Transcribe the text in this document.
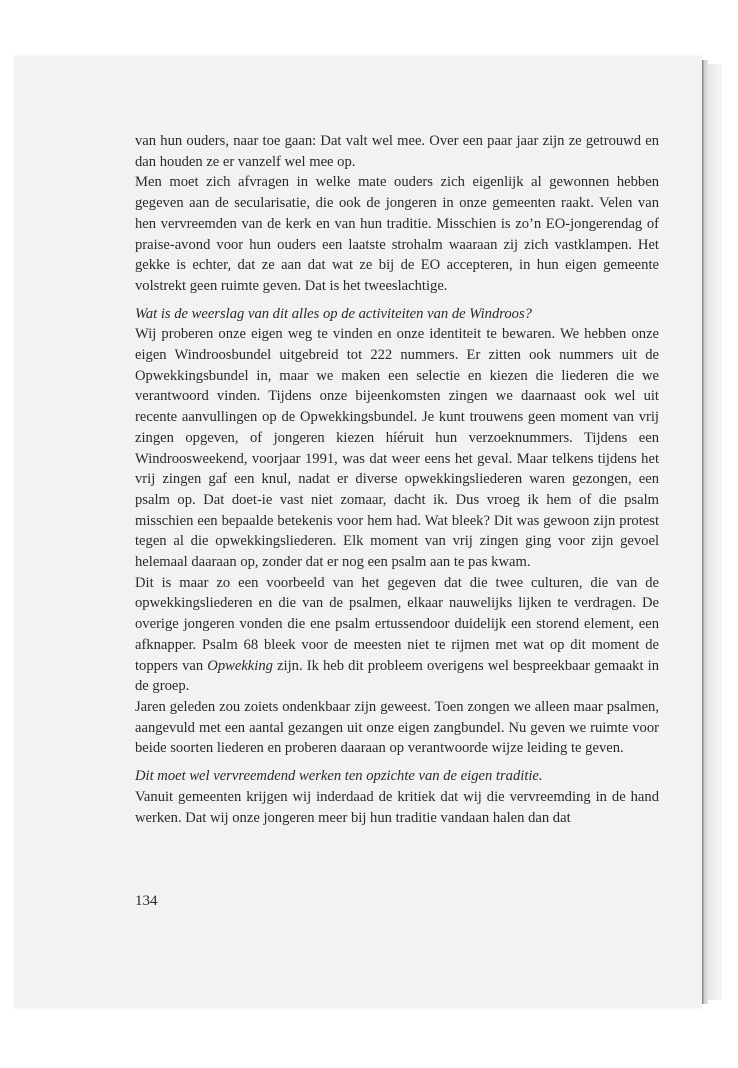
van hun ouders, naar toe gaan: Dat valt wel mee. Over een paar jaar zijn ze getrouwd en dan houden ze er vanzelf wel mee op.

Men moet zich afvragen in welke mate ouders zich eigenlijk al gewonnen hebben gegeven aan de secularisatie, die ook de jongeren in onze gemeenten raakt. Velen van hen vervreemden van de kerk en van hun traditie. Misschien is zo’n EO-jongerendag of praise-avond voor hun ouders een laatste strohalm waaraan zij zich vastklampen. Het gekke is echter, dat ze aan dat wat ze bij de EO accepteren, in hun eigen gemeente volstrekt geen ruimte geven. Dat is het tweeslachtige.

Wat is de weerslag van dit alles op de activiteiten van de Windroos?

Wij proberen onze eigen weg te vinden en onze identiteit te bewaren. We hebben onze eigen Windroosbundel uitgebreid tot 222 nummers. Er zitten ook nummers uit de Opwekkingsbundel in, maar we maken een selectie en kiezen die liederen die we verantwoord vinden. Tijdens onze bijeenkomsten zingen we daarnaast ook wel uit recente aanvullingen op de Opwekkingsbundel. Je kunt trouwens geen moment van vrij zingen opgeven, of jongeren kiezen híéruit hun verzoeknummers. Tijdens een Windroosweekend, voorjaar 1991, was dat weer eens het geval. Maar telkens tijdens het vrij zingen gaf een knul, nadat er diverse opwekkingsliederen waren gezongen, een psalm op. Dat doet-ie vast niet zomaar, dacht ik. Dus vroeg ik hem of die psalm misschien een bepaalde betekenis voor hem had. Wat bleek? Dit was gewoon zijn protest tegen al die opwekkingsliederen. Elk moment van vrij zingen ging voor zijn gevoel helemaal daaraan op, zonder dat er nog een psalm aan te pas kwam.

Dit is maar zo een voorbeeld van het gegeven dat die twee culturen, die van de opwekkingsliederen en die van de psalmen, elkaar nauwelijks lijken te verdragen. De overige jongeren vonden die ene psalm ertussendoor duidelijk een storend element, een afknapper. Psalm 68 bleek voor de meesten niet te rijmen met wat op dit moment de toppers van Opwekking zijn. Ik heb dit probleem overigens wel bespreekbaar gemaakt in de groep.

Jaren geleden zou zoiets ondenkbaar zijn geweest. Toen zongen we alleen maar psalmen, aangevuld met een aantal gezangen uit onze eigen zangbundel. Nu geven we ruimte voor beide soorten liederen en proberen daaraan op verantwoorde wijze leiding te geven.

Dit moet wel vervreemdend werken ten opzichte van de eigen traditie.

Vanuit gemeenten krijgen wij inderdaad de kritiek dat wij die vervreemding in de hand werken. Dat wij onze jongeren meer bij hun traditie vandaan halen dan dat

134
